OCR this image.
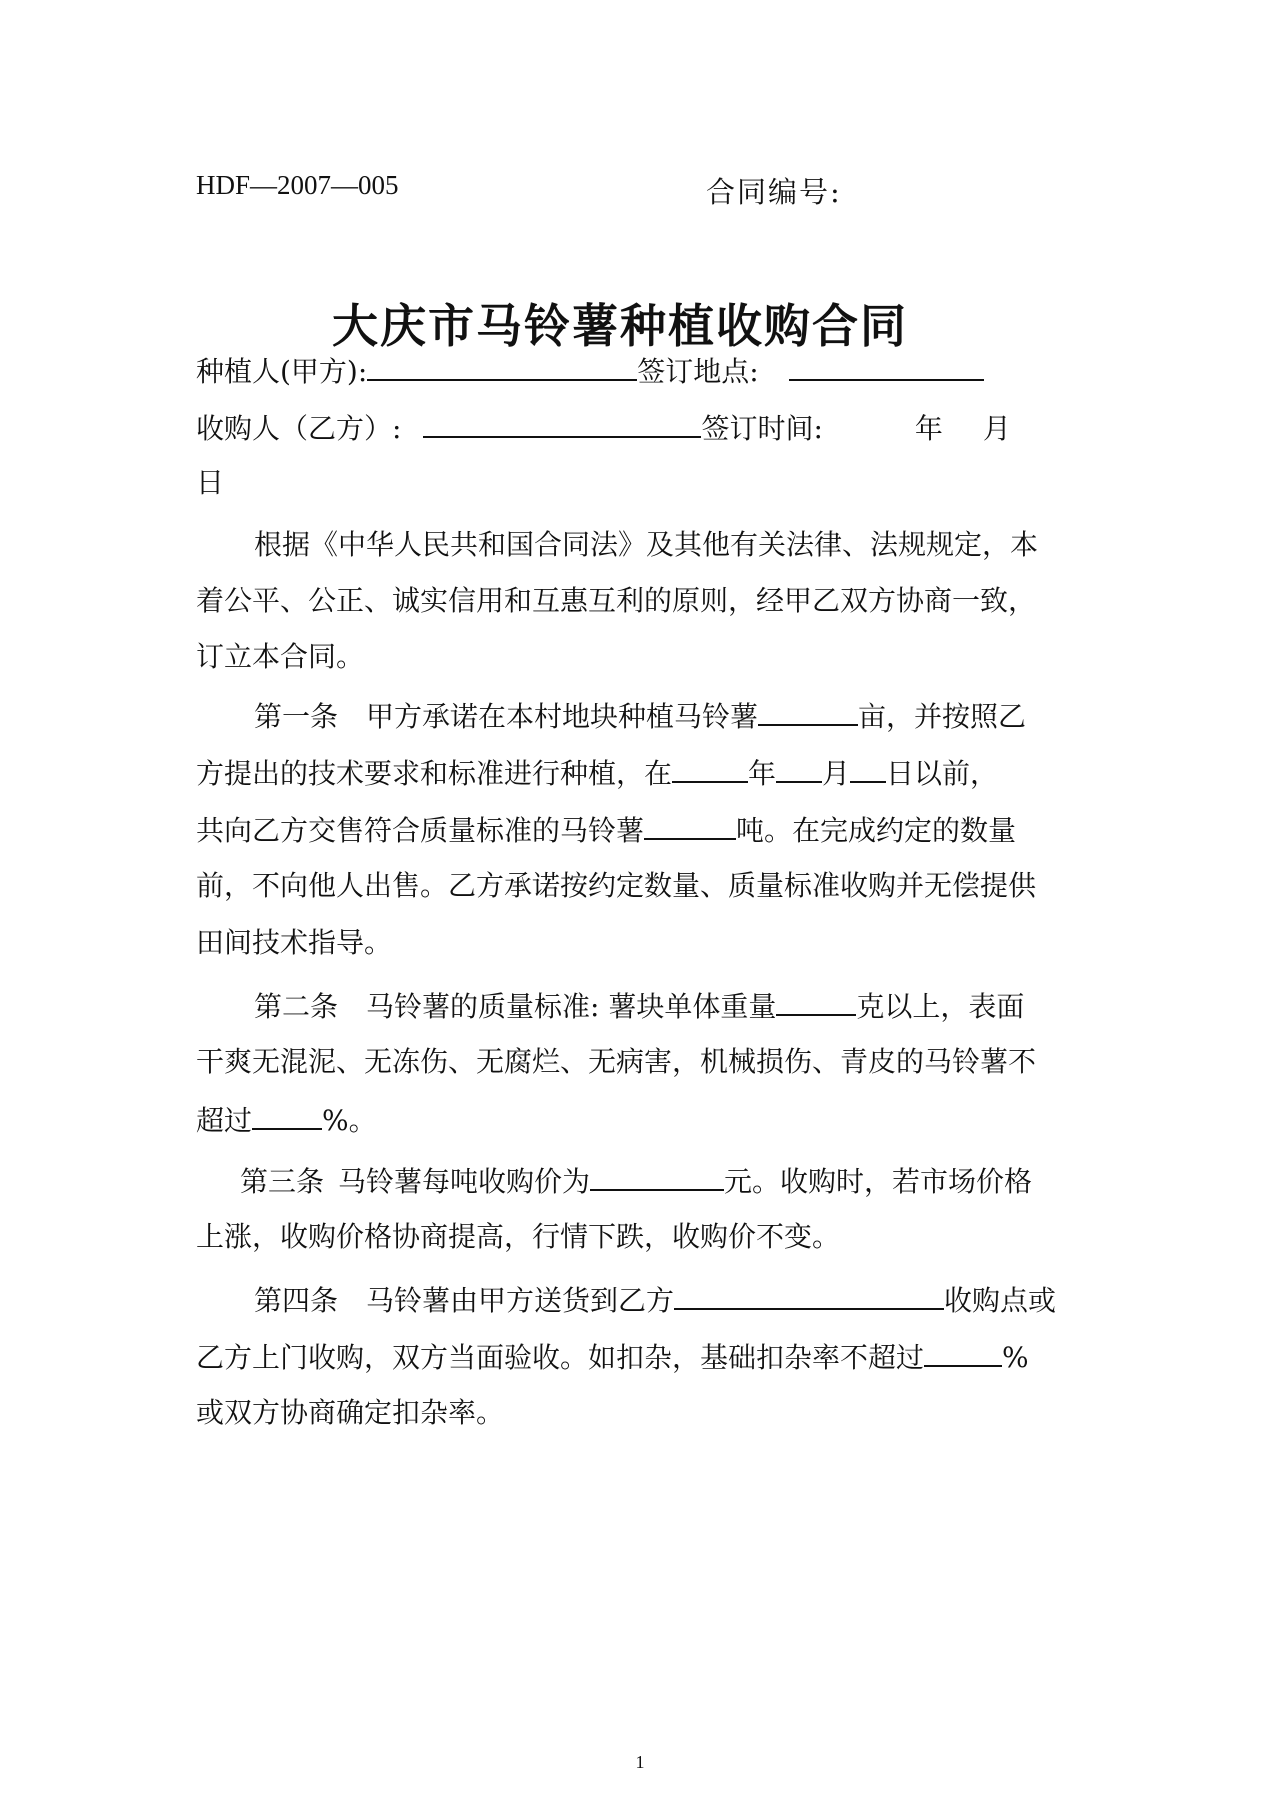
HDF—2007—005	合同编号:
大庆市马铃薯种植收购合同
种植人(甲方):	签订地点:
收购人（乙方）:	签订时间:	年 月
日
根据《中华人民共和国合同法》及其他有关法律、法规规定，本
着公平、公正、诚实信用和互惠互利的原则，经甲乙双方协商一致，
订立本合同。
第一条 甲方承诺在本村地块种植马铃薯	亩，并按照乙
方提出的技术要求和标准进行种植，在	年 月 日以前，
共向乙方交售符合质量标准的马铃薯	吨。在完成约定的数量
前，不向他人出售。乙方承诺按约定数量、质量标准收购并无偿提供
田间技术指导。
第二条 马铃薯的质量标准: 薯块单体重量	克以上，表面
干爽无混泥、无冻伤、无腐烂、无病害，机械损伤、青皮的马铃薯不
超过	%。
第三条 马铃薯每吨收购价为	元。收购时，若市场价格
上涨，收购价格协商提高，行情下跌，收购价不变。
第四条 马铃薯由甲方送货到乙方	收购点或
乙方上门收购，双方当面验收。如扣杂，基础扣杂率不超过	%
或双方协商确定扣杂率。
1
